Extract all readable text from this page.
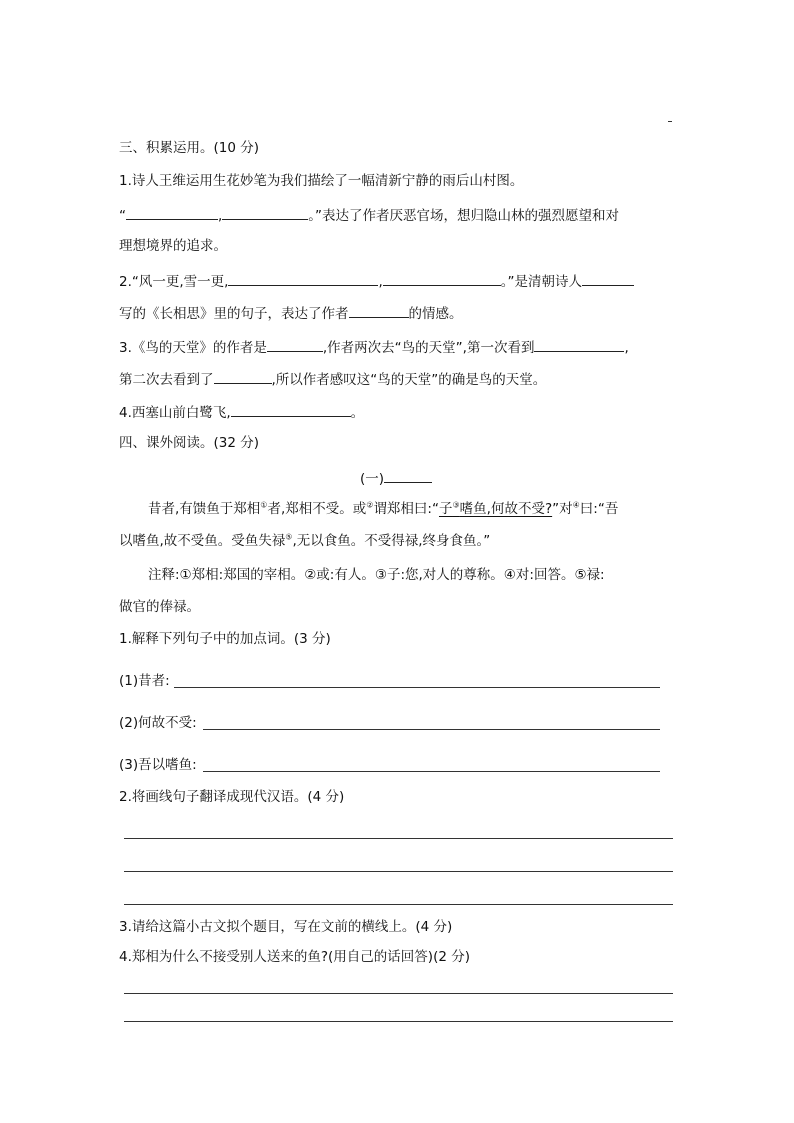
三、积累运用。(10 分)
1.诗人王维运用生花妙笔为我们描绘了一幅清新宁静的雨后山村图。
“	,	。”表达了作者厌恶官场，想归隐山林的强烈愿望和对
理想境界的追求。
2.“风一更,雪一更,	,	。”是清朝诗人
写的《长相思》里的句子，表达了作者	的情感。
3.《鸟的天堂》的作者是	,作者两次去“鸟的天堂”,第一次看到	,
第二次去看到了	,所以作者感叹这“鸟的天堂”的确是鸟的天堂。
4.西塞山前白鹭飞,	。
四、课外阅读。(32 分)
(一)
昔者,有馈鱼于郑相①者,郑相不受。或②谓郑相曰:“子③嗜鱼,何故不受?”对④曰:“吾
以嗜鱼,故不受鱼。受鱼失禄⑤,无以食鱼。不受得禄,终身食鱼。”
注释:①郑相:郑国的宰相。②或:有人。③子:您,对人的尊称。④对:回答。⑤禄:
做官的俸禄。
1.解释下列句子中的加点词。(3 分)
(1)昔者:
(2)何故不受:
(3)吾以嗜鱼:
2.将画线句子翻译成现代汉语。(4 分)
3.请给这篇小古文拟个题目，写在文前的横线上。(4 分)
4.郑相为什么不接受别人送来的鱼?(用自己的话回答)(2 分)
